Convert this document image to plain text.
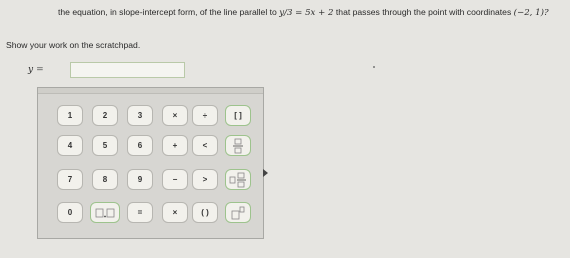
the equation, in slope-intercept form, of the line parallel to y/3 = 5x + 2 that passes through the point with coordinates (−2, 1)?
Show your work on the scratchpad.
y =
1	2	3	×	÷	[ ]
4	5	6	+	<
7	8	9	−	>
0	=	×	( )
